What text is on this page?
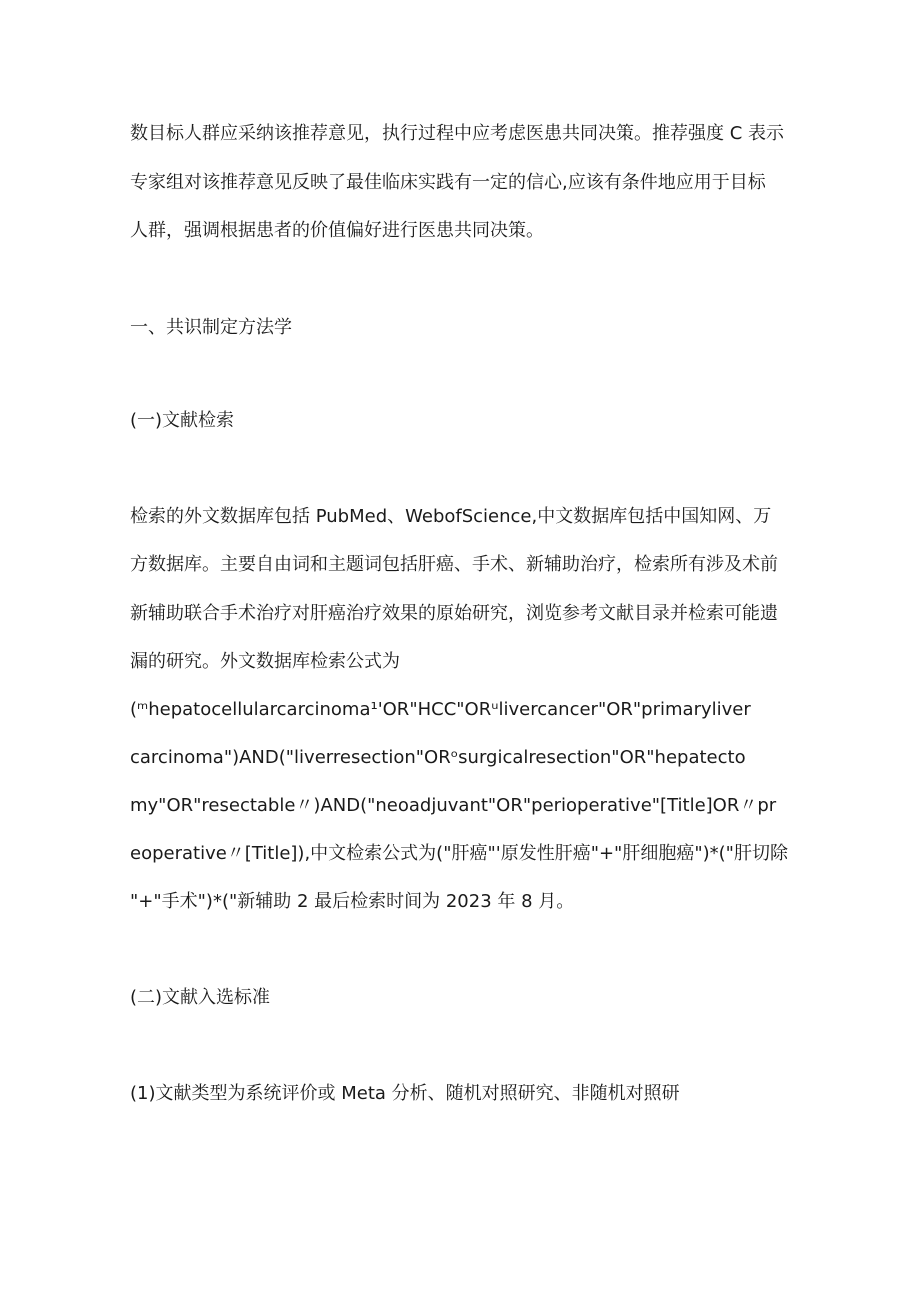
数目标人群应采纳该推荐意见，执行过程中应考虑医患共同决策。推荐强度 C 表示
专家组对该推荐意见反映了最佳临床实践有一定的信心,应该有条件地应用于目标
人群，强调根据患者的价值偏好进行医患共同决策。
一、共识制定方法学
(一)文献检索
检索的外文数据库包括 PubMed、WebofScience,中文数据库包括中国知网、万
方数据库。主要自由词和主题词包括肝癌、手术、新辅助治疗，检索所有涉及术前
新辅助联合手术治疗对肝癌治疗效果的原始研究，浏览参考文献目录并检索可能遗
漏的研究。外文数据库检索公式为
(ᵐhepatocellularcarcinoma¹'OR"HCC"ORᵘlivercancer"OR"primaryliver
carcinoma")AND("liverresection"ORᵒsurgicalresection"OR"hepatecto
my"OR"resectable〃)AND("neoadjuvant"OR"perioperative"[Title]OR〃pr
eoperative〃[Title]),中文检索公式为("肝癌"'原发性肝癌"+"肝细胞癌")*("肝切除
"+"手术")*("新辅助 2 最后检索时间为 2023 年 8 月。
(二)文献入选标准
(1)文献类型为系统评价或 Meta 分析、随机对照研究、非随机对照研
